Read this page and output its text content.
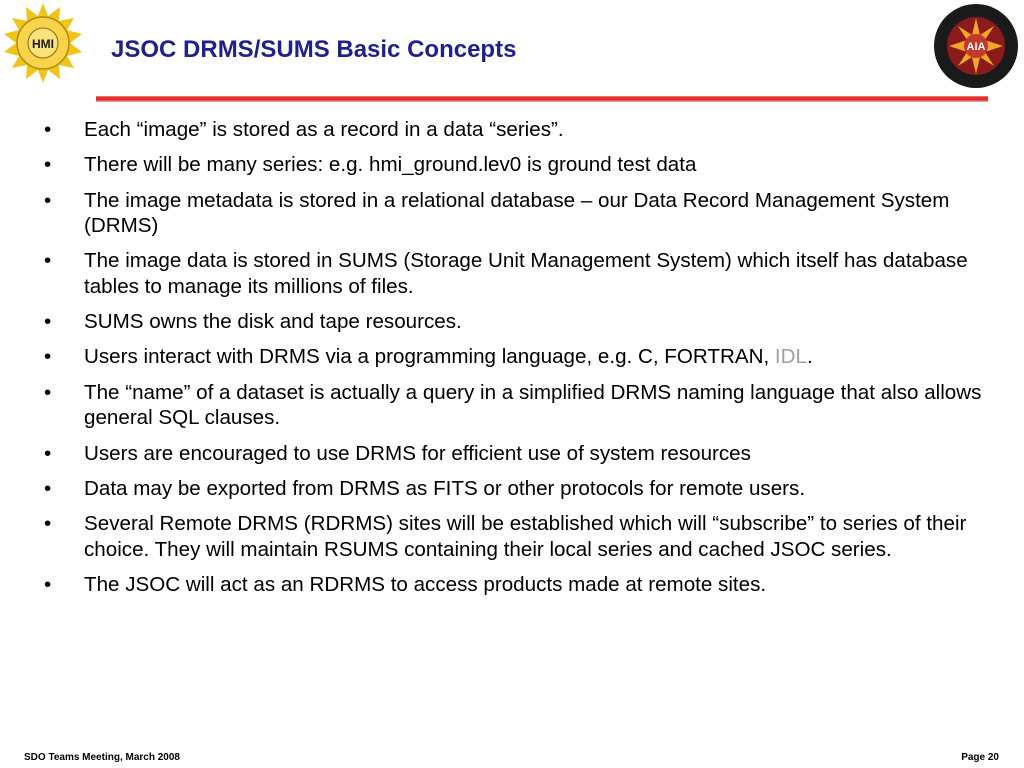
HMI	AIA
JSOC DRMS/SUMS Basic Concepts
• Each “image” is stored as a record in a data “series”.
• There will be many series: e.g. hmi_ground.lev0 is ground test data
• The image metadata is stored in a relational database – our Data Record Management System (DRMS)
• The image data is stored in SUMS (Storage Unit Management System) which itself has database tables to manage its millions of files.
• SUMS owns the disk and tape resources.
• Users interact with DRMS via a programming language, e.g. C, FORTRAN, IDL.
• The “name” of a dataset is actually a query in a simplified DRMS naming language that also allows general SQL clauses.
• Users are encouraged to use DRMS for efficient use of system resources
• Data may be exported from DRMS as FITS or other protocols for remote users.
• Several Remote DRMS (RDRMS) sites will be established which will “subscribe” to series of their choice. They will maintain RSUMS containing their local series and cached JSOC series.
• The JSOC will act as an RDRMS to access products made at remote sites.
SDO Teams Meeting, March 2008	Page 20
